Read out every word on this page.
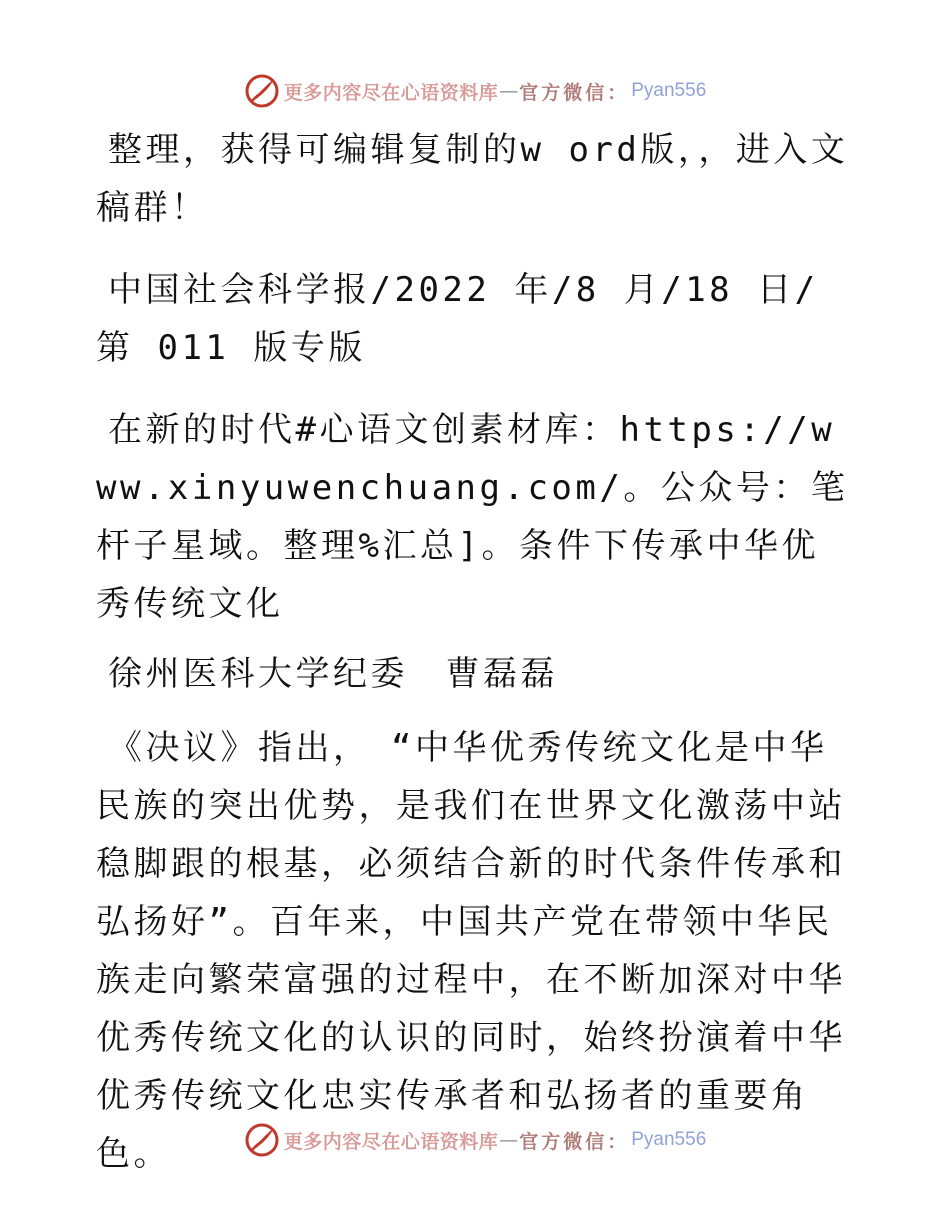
更多内容尽在心语资料库 — 官方微信： Pyan556

整理，获得可编辑复制的w ord版，，进入文稿群！

中国社会科学报/2022 年/8 月/18 日/第 011 版专版

在新的时代#心语文创素材库：https://www.xinyuwenchuang.com/。公众号：笔杆子星域。整理%汇总]。条件下传承中华优秀传统文化

徐州医科大学纪委　曹磊磊

《决议》指出，　“中华优秀传统文化是中华民族的突出优势，是我们在世界文化激荡中站稳脚跟的根基，必须结合新的时代条件传承和弘扬好”。百年来，中国共产党在带领中华民族走向繁荣富强的过程中，在不断加深对中华优秀传统文化的认识的同时，始终扮演着中华优秀传统文化忠实传承者和弘扬者的重要角色。	更多内容尽在心语资料库 — 官方微信： Pyan556
